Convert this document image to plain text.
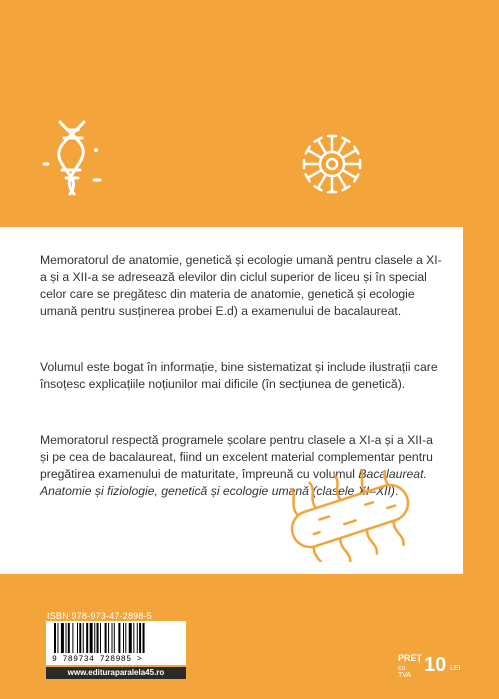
Memoratorul de anatomie, genetică și ecologie umană pentru clasele a XI-a și a XII-a se adresează elevilor din ciclul superior de liceu și în special celor care se pregătesc din materia de anatomie, genetică și ecologie umană pentru susținerea probei E.d) a examenului de bacalaureat.

Volumul este bogat în informație, bine sistematizat și include ilustrații care însoțesc explicațiile noțiunilor mai dificile (în secțiunea de genetică).

Memoratorul respectă programele școlare pentru clasele a XI-a și a XII-a și pe cea de bacalaureat, fiind un excelent material complementar pentru pregătirea examenului de maturitate, împreună cu volumul Bacalaureat. Anatomie și fiziologie, genetică și ecologie umană (clasele XI–XII).

ISBN 978-973-47-2898-5
9 789734 728985 >
www.edituraparalela45.ro
PREȚ
cu TVA 10 LEI
